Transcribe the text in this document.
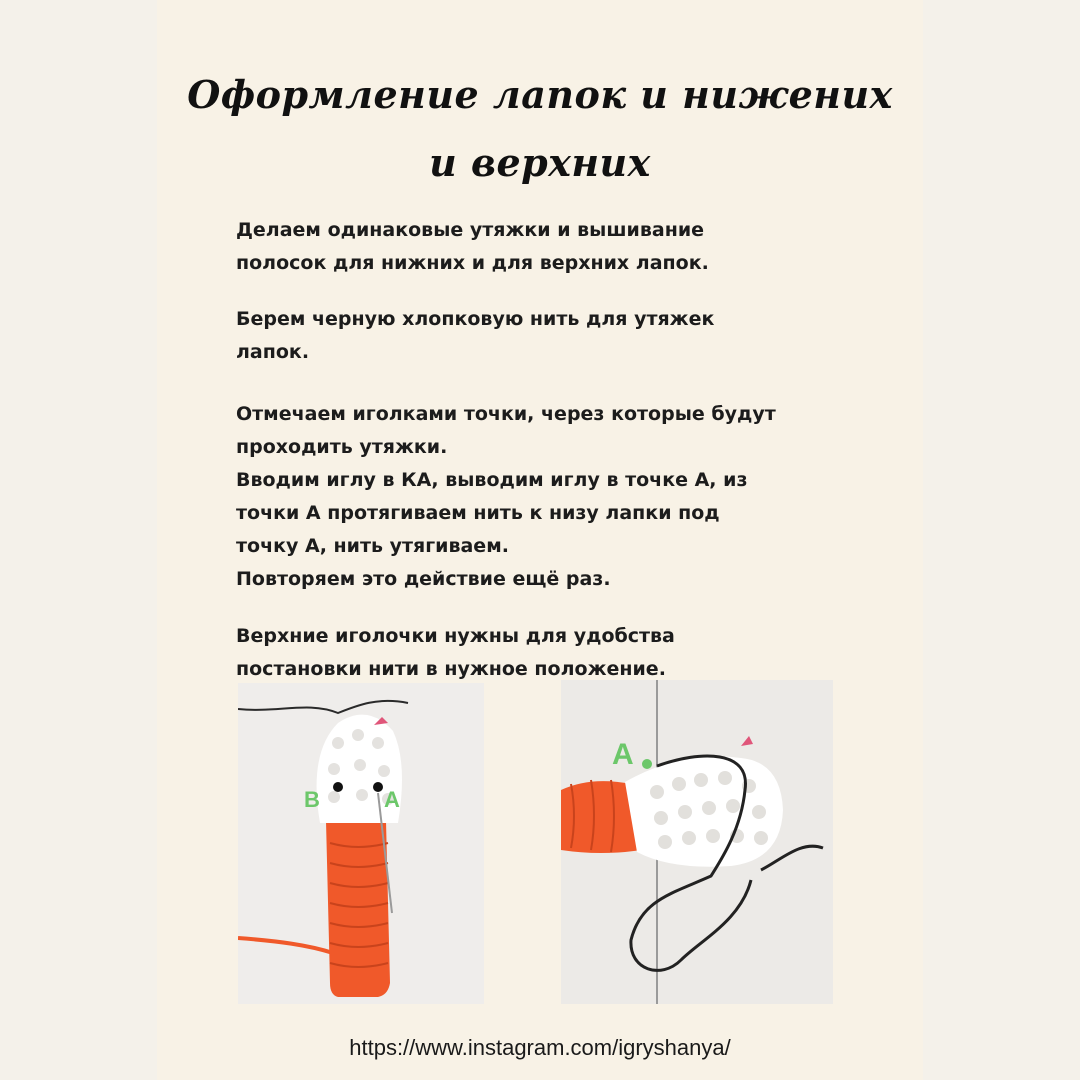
Оформление лапок и нижених
и верхних
Делаем одинаковые утяжки и вышивание
полосок для нижних и для верхних лапок.
Берем черную хлопковую нить для утяжек
лапок.
Отмечаем иголками точки, через которые будут
проходить утяжки.
Вводим иглу в КА, выводим иглу в точке А, из
точки А протягиваем нить к низу лапки под
точку А, нить утягиваем.
Повторяем это действие ещё раз.
Верхние иголочки нужны для удобства
постановки нити в нужное положение.
B	A
A
https://www.instagram.com/igryshanya/
